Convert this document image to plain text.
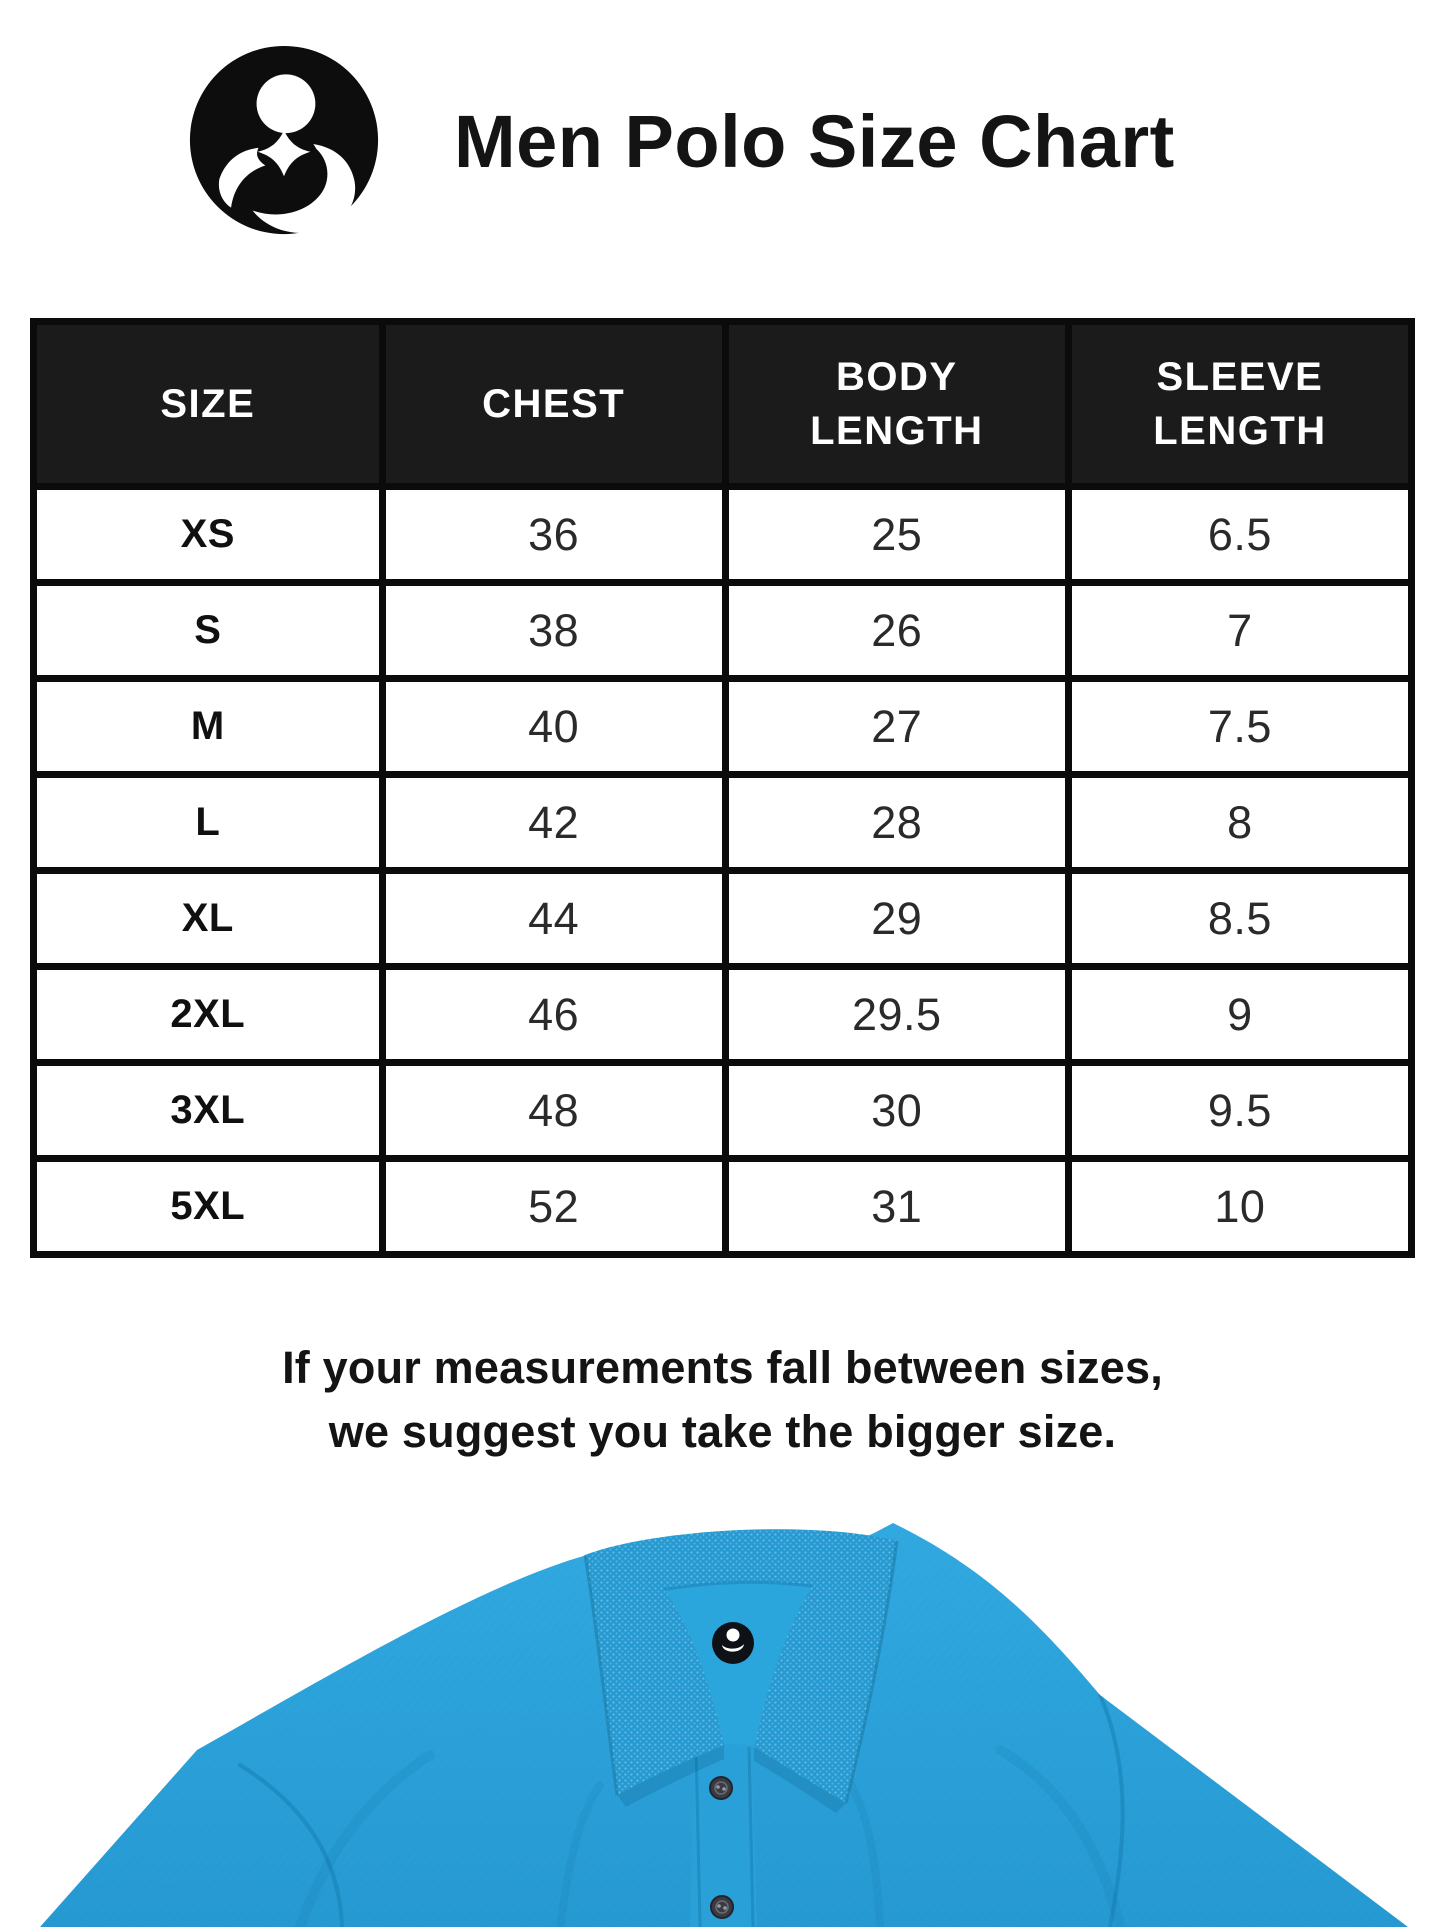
Men Polo Size Chart
SIZE	CHEST	BODY LENGTH	SLEEVE LENGTH
XS	36	25	6.5
S	38	26	7
M	40	27	7.5
L	42	28	8
XL	44	29	8.5
2XL	46	29.5	9
3XL	48	30	9.5
5XL	52	31	10
If your measurements fall between sizes,
we suggest you take the bigger size.
